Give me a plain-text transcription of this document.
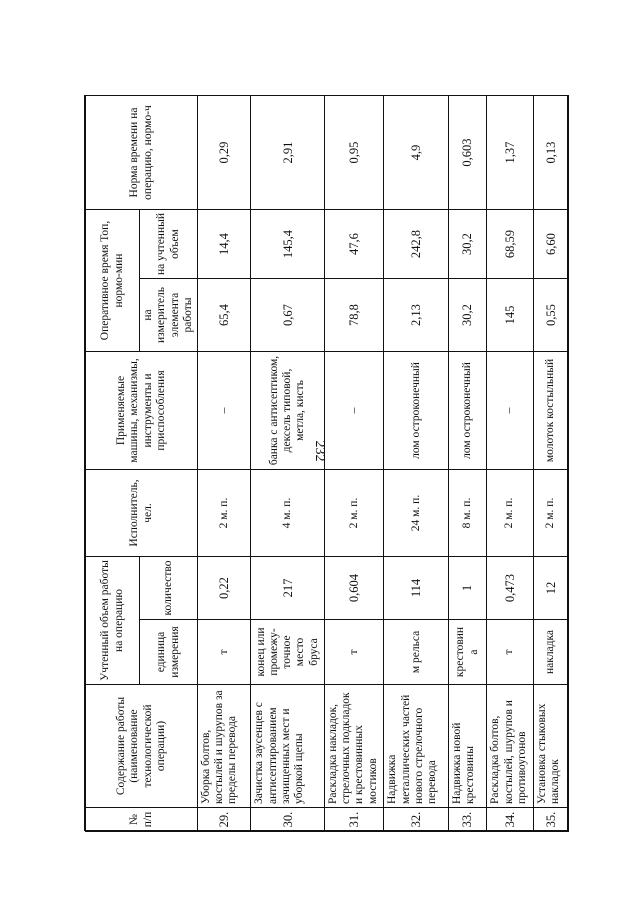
232
№ п/п	Содержание работы (наименование технологической операции)	Учтенный объем работы на операцию		Исполнитель, чел.	Применяемые машины, механизмы, инструменты и приспособления	Оперативное время Топ, нормо-мин		Норма времени на операцию, нормо-ч
		единица измерения	количество			на измеритель элемента работы	на учтенный объем	
29.	Уборка болтов, костылей и шурупов за пределы перевода	т	0,22	2 м. п.	–	65,4	14,4	0,29
30.	Зачистка заусенцев с антисептированием зачищенных мест и уборкой щепы	конец или промежу-точное место бруса	217	4 м. п.	банка с антисептиком, дексель типовой, метла, кисть	0,67	145,4	2,91
31.	Раскладка накладок, стрелочных подкладок и крестовинных мостиков	т	0,604	2 м. п.	–	78,8	47,6	0,95
32.	Надвижка металлических частей нового стрелочного перевода	м рельса	114	24 м. п.	лом остроконечный	2,13	242,8	4,9
33.	Надвижка новой крестовины	крестовин а	1	8 м. п.	лом остроконечный	30,2	30,2	0,603
34.	Раскладка болтов, костылей, шурупов и противоугонов	т	0,473	2 м. п.	–	145	68,59	1,37
35.	Установка стыковых накладок	накладка	12	2 м. п.	молоток костыльный	0,55	6,60	0,13
